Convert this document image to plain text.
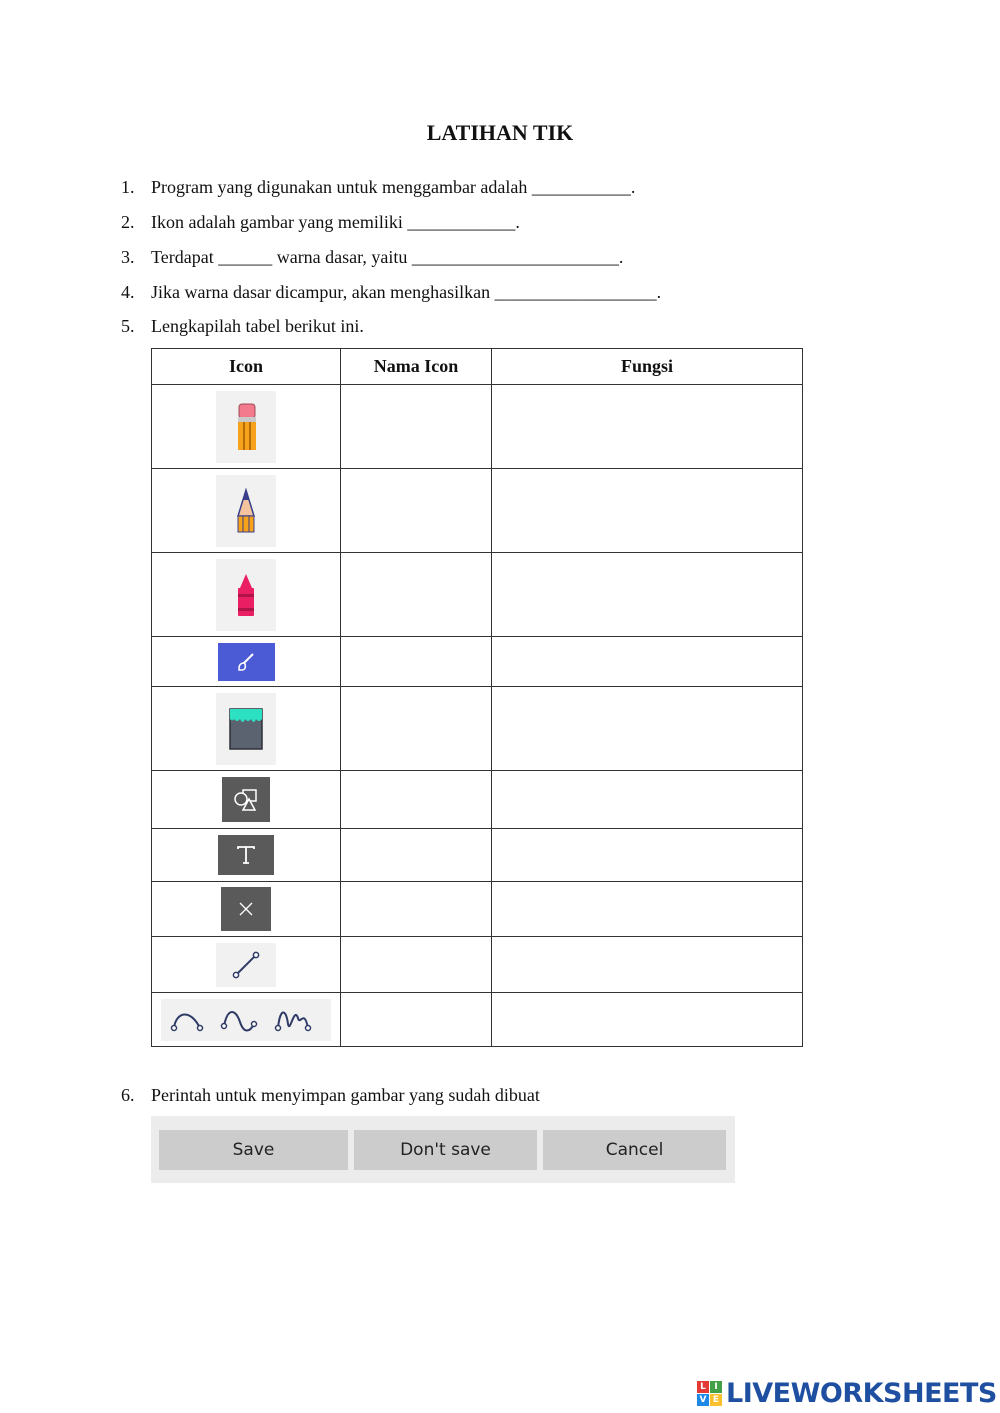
LATIHAN TIK
1. Program yang digunakan untuk menggambar adalah ___________.
2. Ikon adalah gambar yang memiliki ____________.
3. Terdapat ______ warna dasar, yaitu _______________________.
4. Jika warna dasar dicampur, akan menghasilkan __________________.
5. Lengkapilah tabel berikut ini.
Icon	Nama Icon	Fungsi

6. Perintah untuk menyimpan gambar yang sudah dibuat
Save	Don't save	Cancel
L I
V E LIVEWORKSHEETS
